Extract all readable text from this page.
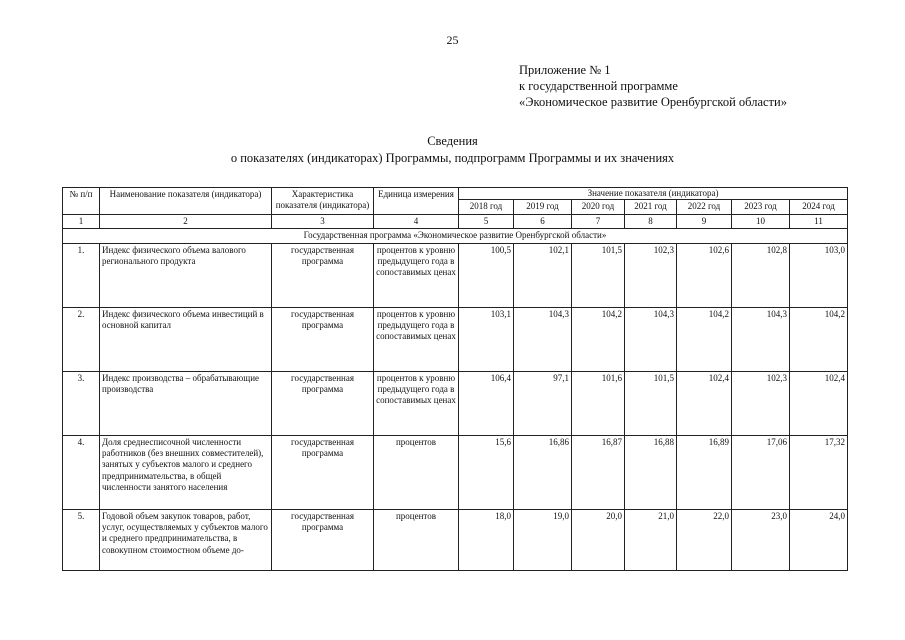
25
Приложение № 1
к государственной программе
«Экономическое развитие Оренбургской области»
Сведения
о показателях (индикаторах) Программы, подпрограмм Программы и их значениях
№ п/п	Наименование показателя (индикатора)	Характеристика показателя (индикатора)	Единица измерения	Значение показателя (индикатора)						
				2018 год	2019 год	2020 год	2021 год	2022 год	2023 год	2024 год
1	2	3	4	5	6	7	8	9	10	11
Государственная программа «Экономическое развитие Оренбургской области»										
1.	Индекс физического объема валового регионального продукта	государственная программа	процентов к уровню предыдущего года в сопоставимых ценах	100,5	102,1	101,5	102,3	102,6	102,8	103,0
2.	Индекс физического объема инвестиций в основной капитал	государственная программа	процентов к уровню предыдущего года в сопоставимых ценах	103,1	104,3	104,2	104,3	104,2	104,3	104,2
3.	Индекс производства – обрабатывающие производства	государственная программа	процентов к уровню предыдущего года в сопоставимых ценах	106,4	97,1	101,6	101,5	102,4	102,3	102,4
4.	Доля среднесписочной численности работников (без внешних совместителей), занятых у субъектов малого и среднего предпринимательства, в общей численности занятого населения	государственная программа	процентов	15,6	16,86	16,87	16,88	16,89	17,06	17,32
5.	Годовой объем закупок товаров, работ, услуг, осуществляемых у субъектов малого и среднего предпринимательства, в совокупном стоимостном объеме до-	государственная программа	процентов	18,0	19,0	20,0	21,0	22,0	23,0	24,0
